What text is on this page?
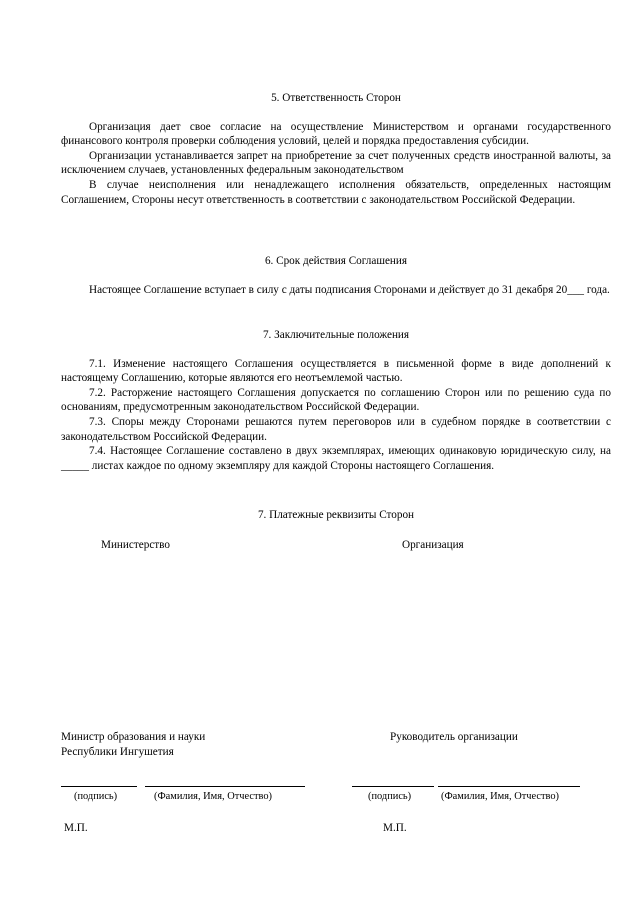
5. Ответственность Сторон

Организация дает свое согласие на осуществление Министерством и органами государственного финансового контроля проверки соблюдения условий, целей и порядка предоставления субсидии.

Организации устанавливается запрет на приобретение за счет полученных средств иностранной валюты, за исключением случаев, установленных федеральным законодательством

В случае неисполнения или ненадлежащего исполнения обязательств, определенных настоящим Соглашением, Стороны несут ответственность в соответствии с законодательством Российской Федерации.

6. Срок действия Соглашения

Настоящее Соглашение вступает в силу с даты подписания Сторонами и действует до 31 декабря 20___ года.

7. Заключительные положения

7.1. Изменение настоящего Соглашения осуществляется в письменной форме в виде дополнений к настоящему Соглашению, которые являются его неотъемлемой частью.

7.2. Расторжение настоящего Соглашения допускается по соглашению Сторон или по решению суда по основаниям, предусмотренным законодательством Российской Федерации.

7.3. Споры между Сторонами решаются путем переговоров или в судебном порядке в соответствии с законодательством Российской Федерации.

7.4. Настоящее Соглашение составлено в двух экземплярах, имеющих одинаковую юридическую силу, на _____ листах каждое по одному экземпляру для каждой Стороны настоящего Соглашения.

7. Платежные реквизиты Сторон
Министерство	Организация
Министр образования и науки
Республики Ингушетия
Руководитель организации
(подпись)	(Фамилия, Имя, Отчество)	(подпись)	(Фамилия, Имя, Отчество)
М.П.	М.П.
